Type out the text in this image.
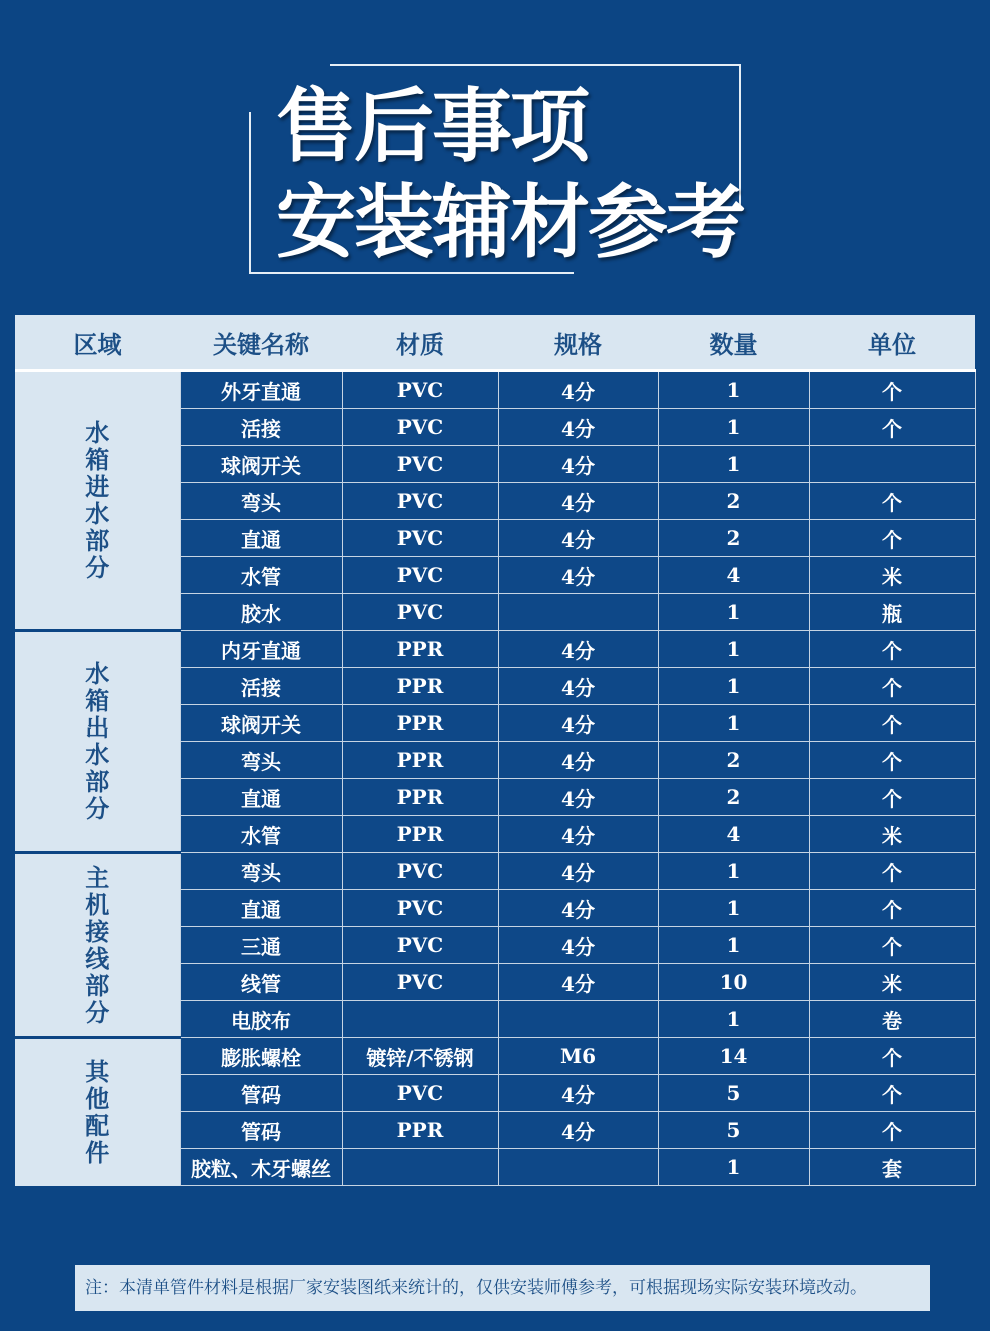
售后事项
安装辅材参考
区域	关键名称	材质	规格	数量	单位
水箱进水部分	外牙直通	PVC	4分	1	个
	活接	PVC	4分	1	个
	球阀开关	PVC	4分	1	
	弯头	PVC	4分	2	个
	直通	PVC	4分	2	个
	水管	PVC	4分	4	米
	胶水	PVC		1	瓶
水箱出水部分	内牙直通	PPR	4分	1	个
	活接	PPR	4分	1	个
	球阀开关	PPR	4分	1	个
	弯头	PPR	4分	2	个
	直通	PPR	4分	2	个
	水管	PPR	4分	4	米
主机接线部分	弯头	PVC	4分	1	个
	直通	PVC	4分	1	个
	三通	PVC	4分	1	个
	线管	PVC	4分	10	米
	电胶布			1	卷
其他配件	膨胀螺栓	镀锌/不锈钢	M6	14	个
	管码	PVC	4分	5	个
	管码	PPR	4分	5	个
	胶粒、木牙螺丝			1	套
注：本清单管件材料是根据厂家安装图纸来统计的，仅供安装师傅参考，可根据现场实际安装环境改动。
